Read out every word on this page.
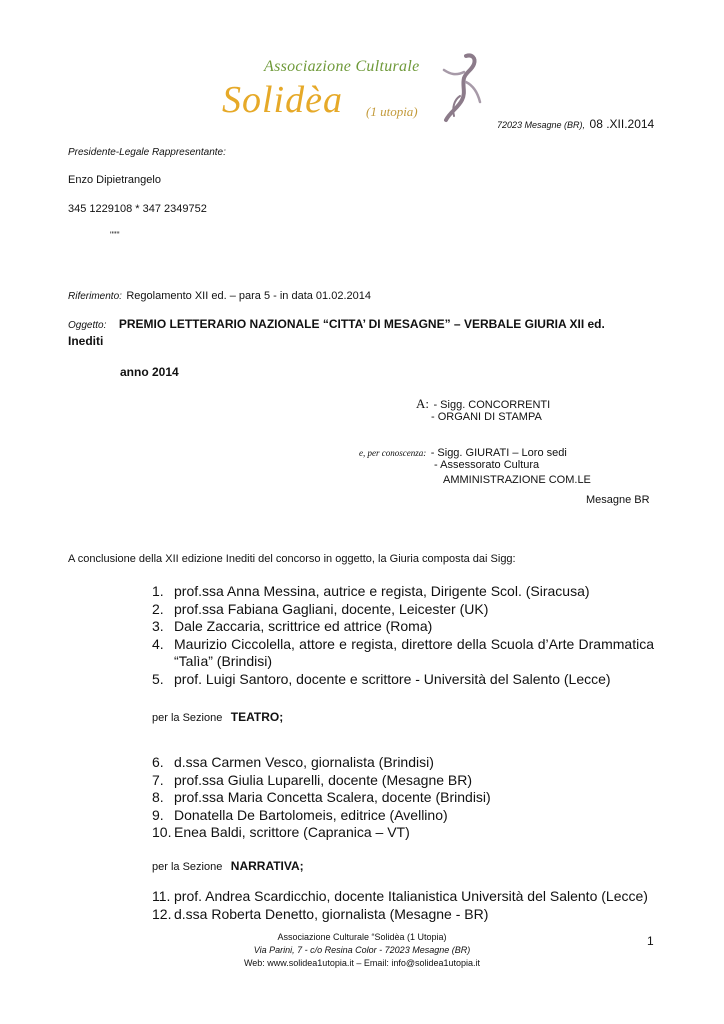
Associazione Culturale
Solidèa (1 utopia)
72023 Mesagne (BR), 08 .XII.2014
Presidente-Legale Rappresentante:
Enzo Dipietrangelo
345 1229108 * 347 2349752
"""
Riferimento: Regolamento XII ed. – para 5 - in data 01.02.2014
Oggetto: PREMIO LETTERARIO NAZIONALE “CITTA’ DI MESAGNE” – VERBALE GIURIA XII ed.
Inediti
anno 2014
A: - Sigg. CONCORRENTI
- ORGANI DI STAMPA
e, per conoscenza: - Sigg. GIURATI – Loro sedi
- Assessorato Cultura
AMMINISTRAZIONE COM.LE
Mesagne BR
A conclusione della XII edizione Inediti del concorso in oggetto, la Giuria composta dai Sigg:
1. prof.ssa Anna Messina, autrice e regista, Dirigente Scol. (Siracusa)
2. prof.ssa Fabiana Gagliani, docente, Leicester (UK)
3. Dale Zaccaria, scrittrice ed attrice (Roma)
4. Maurizio Ciccolella, attore e regista, direttore della Scuola d’Arte Drammatica
“Talìa” (Brindisi)
5. prof. Luigi Santoro, docente e scrittore - Università del Salento (Lecce)
per la Sezione TEATRO;
6. d.ssa Carmen Vesco, giornalista (Brindisi)
7. prof.ssa Giulia Luparelli, docente (Mesagne BR)
8. prof.ssa Maria Concetta Scalera, docente (Brindisi)
9. Donatella De Bartolomeis, editrice (Avellino)
10. Enea Baldi, scrittore (Capranica – VT)
per la Sezione NARRATIVA;
11. prof. Andrea Scardicchio, docente Italianistica Università del Salento (Lecce)
12. d.ssa Roberta Denetto, giornalista (Mesagne - BR)
Associazione Culturale “Solidèa (1 Utopia)
Via Parini, 7 - c/o Resina Color - 72023 Mesagne (BR)
Web: www.solidea1utopia.it – Email: info@solidea1utopia.it
1
